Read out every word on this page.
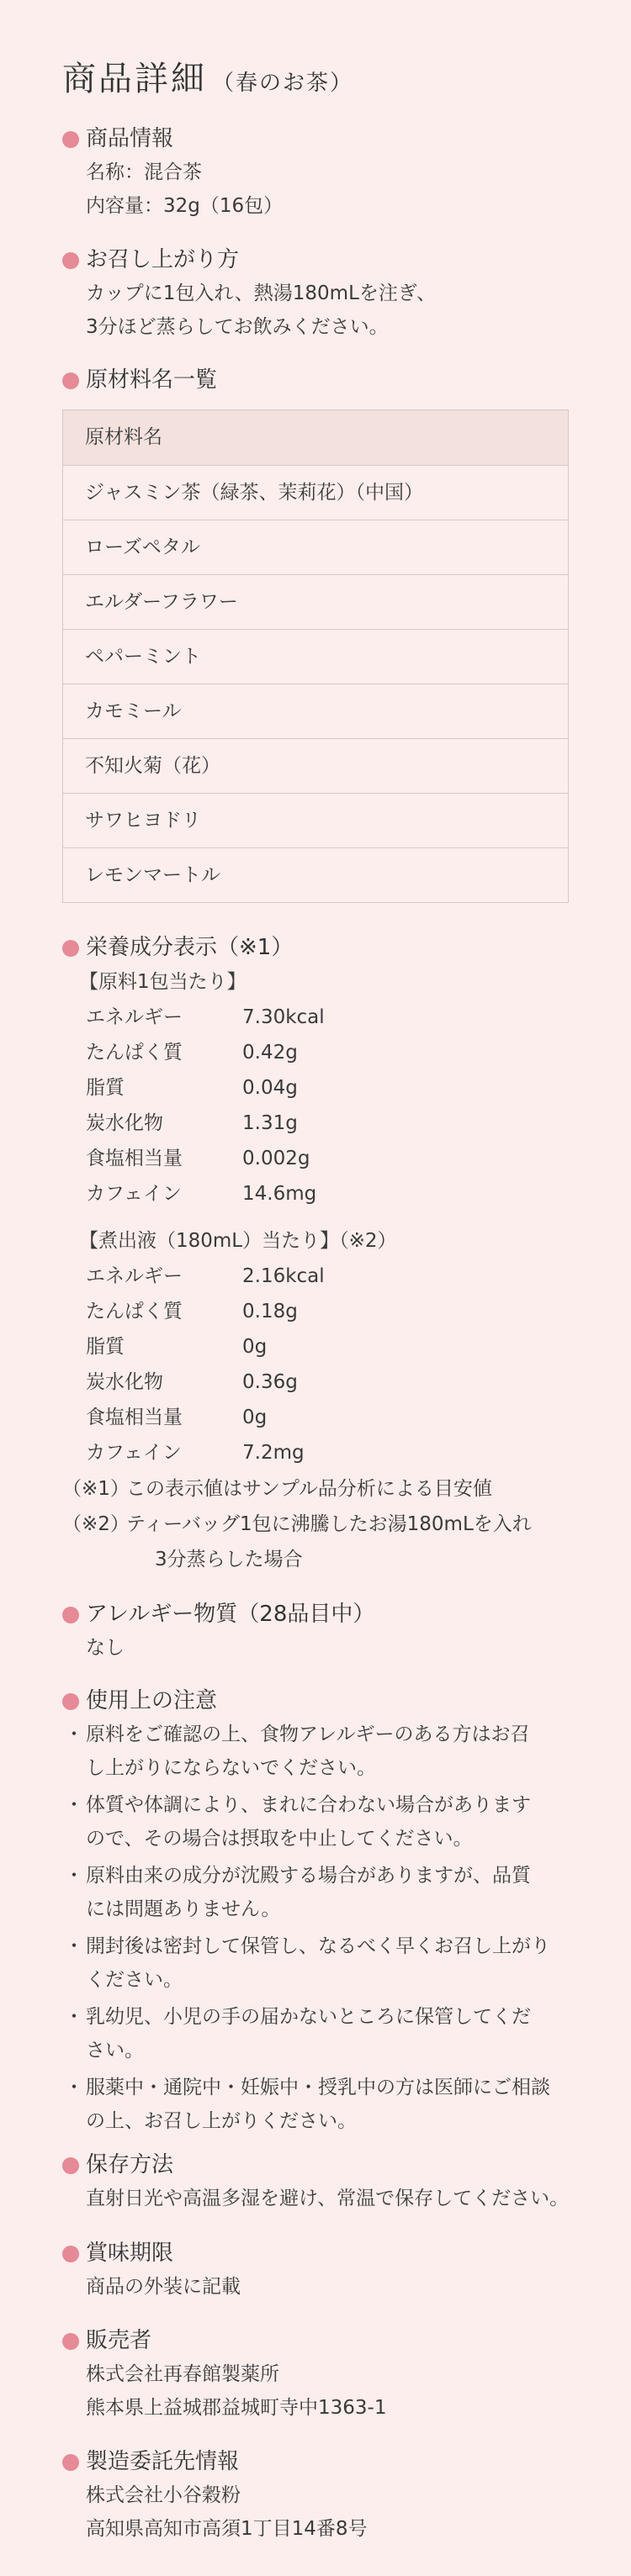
商品詳細 （春のお茶）
商品情報
名称：混合茶
内容量：32g（16包）
お召し上がり方
カップに1包入れ、熱湯180mLを注ぎ、
3分ほど蒸らしてお飲みください。
原材料名一覧
原材料名
ジャスミン茶（緑茶、茉莉花）（中国）
ローズペタル
エルダーフラワー
ペパーミント
カモミール
不知火菊（花）
サワヒヨドリ
レモンマートル
栄養成分表示（※1）
【原料1包当たり】
エネルギー	7.30kcal
たんぱく質	0.42g
脂質	0.04g
炭水化物	1.31g
食塩相当量	0.002g
カフェイン	14.6mg
【煮出液（180mL）当たり】（※2）
エネルギー	2.16kcal
たんぱく質	0.18g
脂質	0g
炭水化物	0.36g
食塩相当量	0g
カフェイン	7.2mg
（※1）
この表示値はサンプル品分析による目安値
（※2）
ティーバッグ1包に沸騰したお湯180mLを入れ
3分蒸らした場合
アレルギー物質（28品目中）
なし
使用上の注意
・ 原料をご確認の上、食物アレルギーのある方はお召
し上がりにならないでください。
・ 体質や体調により、まれに合わない場合があります
ので、その場合は摂取を中止してください。
・ 原料由来の成分が沈殿する場合がありますが、品質
には問題ありません。
・ 開封後は密封して保管し、なるべく早くお召し上がり
ください。
・ 乳幼児、小児の手の届かないところに保管してくだ
さい。
・ 服薬中・通院中・妊娠中・授乳中の方は医師にご相談
の上、お召し上がりください。
保存方法
直射日光や高温多湿を避け、常温で保存してください。
賞味期限
商品の外装に記載
販売者
株式会社再春館製薬所
熊本県上益城郡益城町寺中1363-1
製造委託先情報
株式会社小谷穀粉
高知県高知市高須1丁目14番8号
